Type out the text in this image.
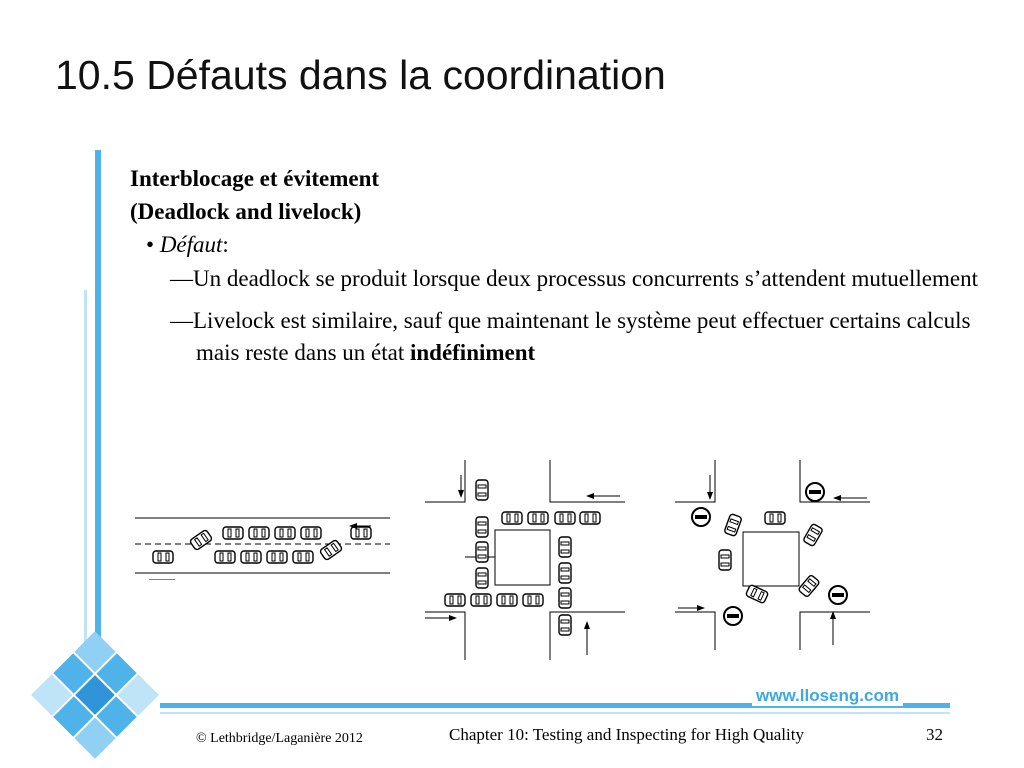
10.5 Défauts dans la coordination
Interblocage et évitement
(Deadlock and livelock)
• Défaut:
—Un deadlock se produit lorsque deux processus concurrents s’attendent mutuellement
—Livelock est similaire, sauf que maintenant le système peut effectuer certains calculs mais reste dans un état indéfiniment
www.lloseng.com
© Lethbridge/Laganière 2012	Chapter 10: Testing and Inspecting for High Quality	32
